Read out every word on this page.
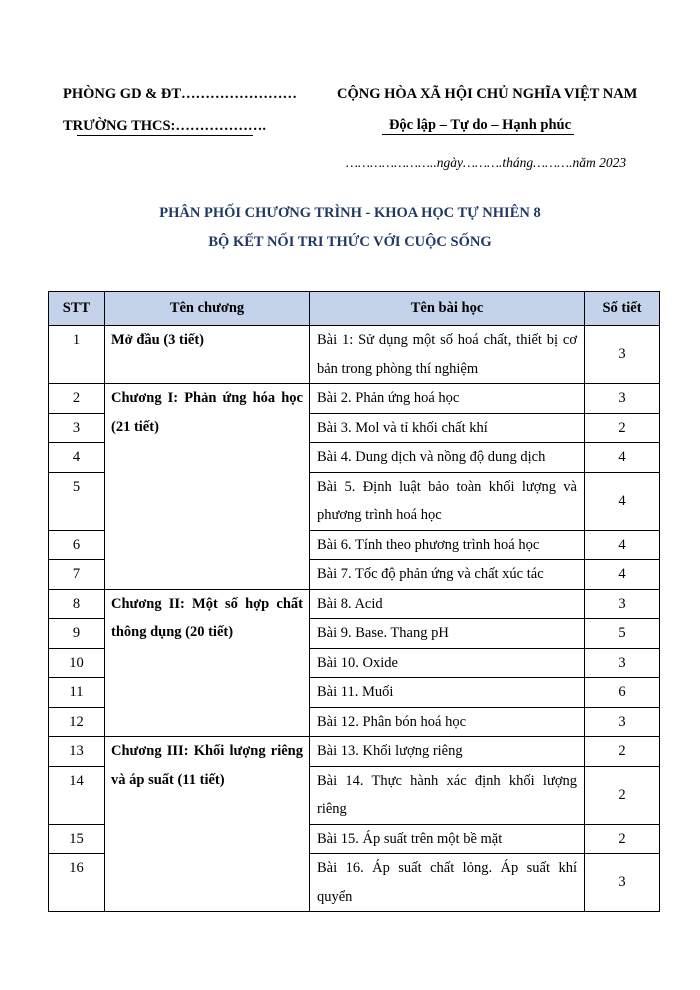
PHÒNG GD & ĐT……………………
TRƯỜNG THCS:……………….
CỘNG HÒA XÃ HỘI CHỦ NGHĨA VIỆT NAM
Độc lập – Tự do – Hạnh phúc
…………………..ngày……….tháng……….năm 2023
PHÂN PHỐI CHƯƠNG TRÌNH - KHOA HỌC TỰ NHIÊN 8
BỘ KẾT NỐI TRI THỨC VỚI CUỘC SỐNG
STT	Tên chương	Tên bài học	Số tiết
1	Mở đầu (3 tiết)	Bài 1: Sử dụng một số hoá chất, thiết bị cơ bản trong phòng thí nghiệm	3
2	Chương I: Phản ứng hóa học (21 tiết)	Bài 2. Phản ứng hoá học	3
3		Bài 3. Mol và tỉ khối chất khí	2
4		Bài 4. Dung dịch và nồng độ dung dịch	4
5		Bài 5. Định luật bảo toàn khối lượng và phương trình hoá học	4
6		Bài 6. Tính theo phương trình hoá học	4
7		Bài 7. Tốc độ phản ứng và chất xúc tác	4
8	Chương II: Một số hợp chất thông dụng (20 tiết)	Bài 8. Acid	3
9		Bài 9. Base. Thang pH	5
10		Bài 10. Oxide	3
11		Bài 11. Muối	6
12		Bài 12. Phân bón hoá học	3
13	Chương III: Khối lượng riêng và áp suất (11 tiết)	Bài 13. Khối lượng riêng	2
14		Bài 14. Thực hành xác định khối lượng riêng	2
15		Bài 15. Áp suất trên một bề mặt	2
16		Bài 16. Áp suất chất lỏng. Áp suất khí quyển	3
